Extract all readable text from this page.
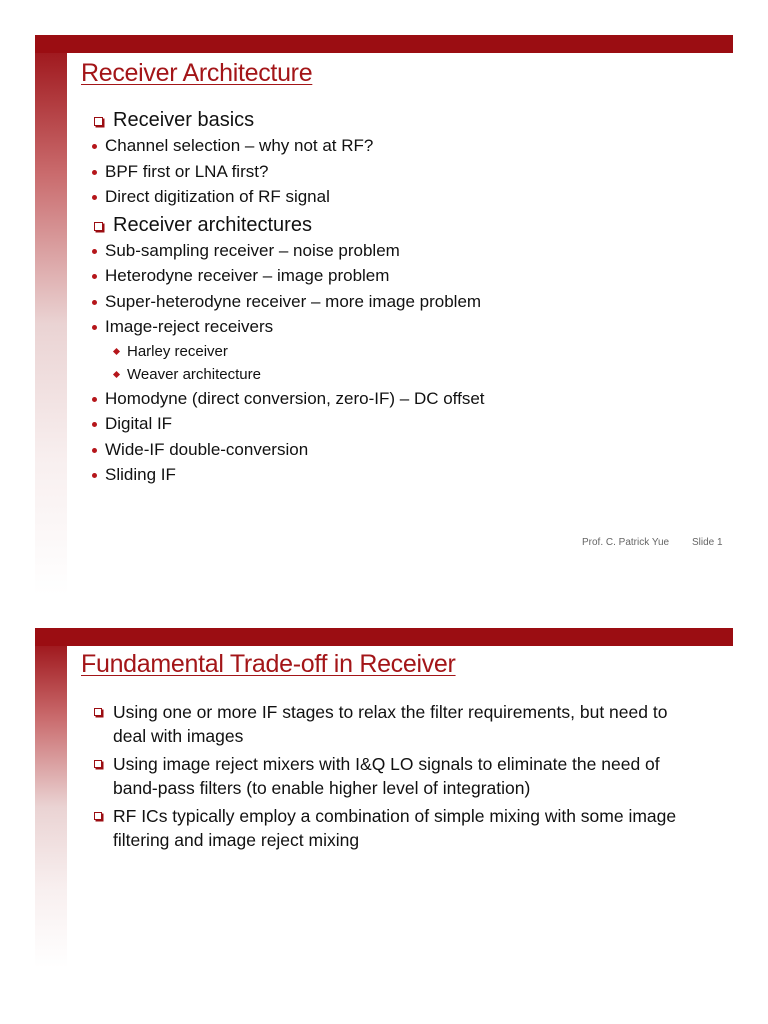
Receiver Architecture
Receiver basics
Channel selection – why not at RF?
BPF first or LNA first?
Direct digitization of RF signal
Receiver architectures
Sub-sampling receiver – noise problem
Heterodyne receiver – image problem
Super-heterodyne receiver – more image problem
Image-reject receivers
Harley receiver
Weaver architecture
Homodyne (direct conversion, zero-IF) – DC offset
Digital IF
Wide-IF double-conversion
Sliding IF
Prof. C. Patrick Yue Slide 1
Fundamental Trade-off in Receiver
Using one or more IF stages to relax the filter requirements, but need to deal with images
Using image reject mixers with I&Q LO signals to eliminate the need of band-pass filters (to enable higher level of integration)
RF ICs typically employ a combination of simple mixing with some image filtering and image reject mixing
